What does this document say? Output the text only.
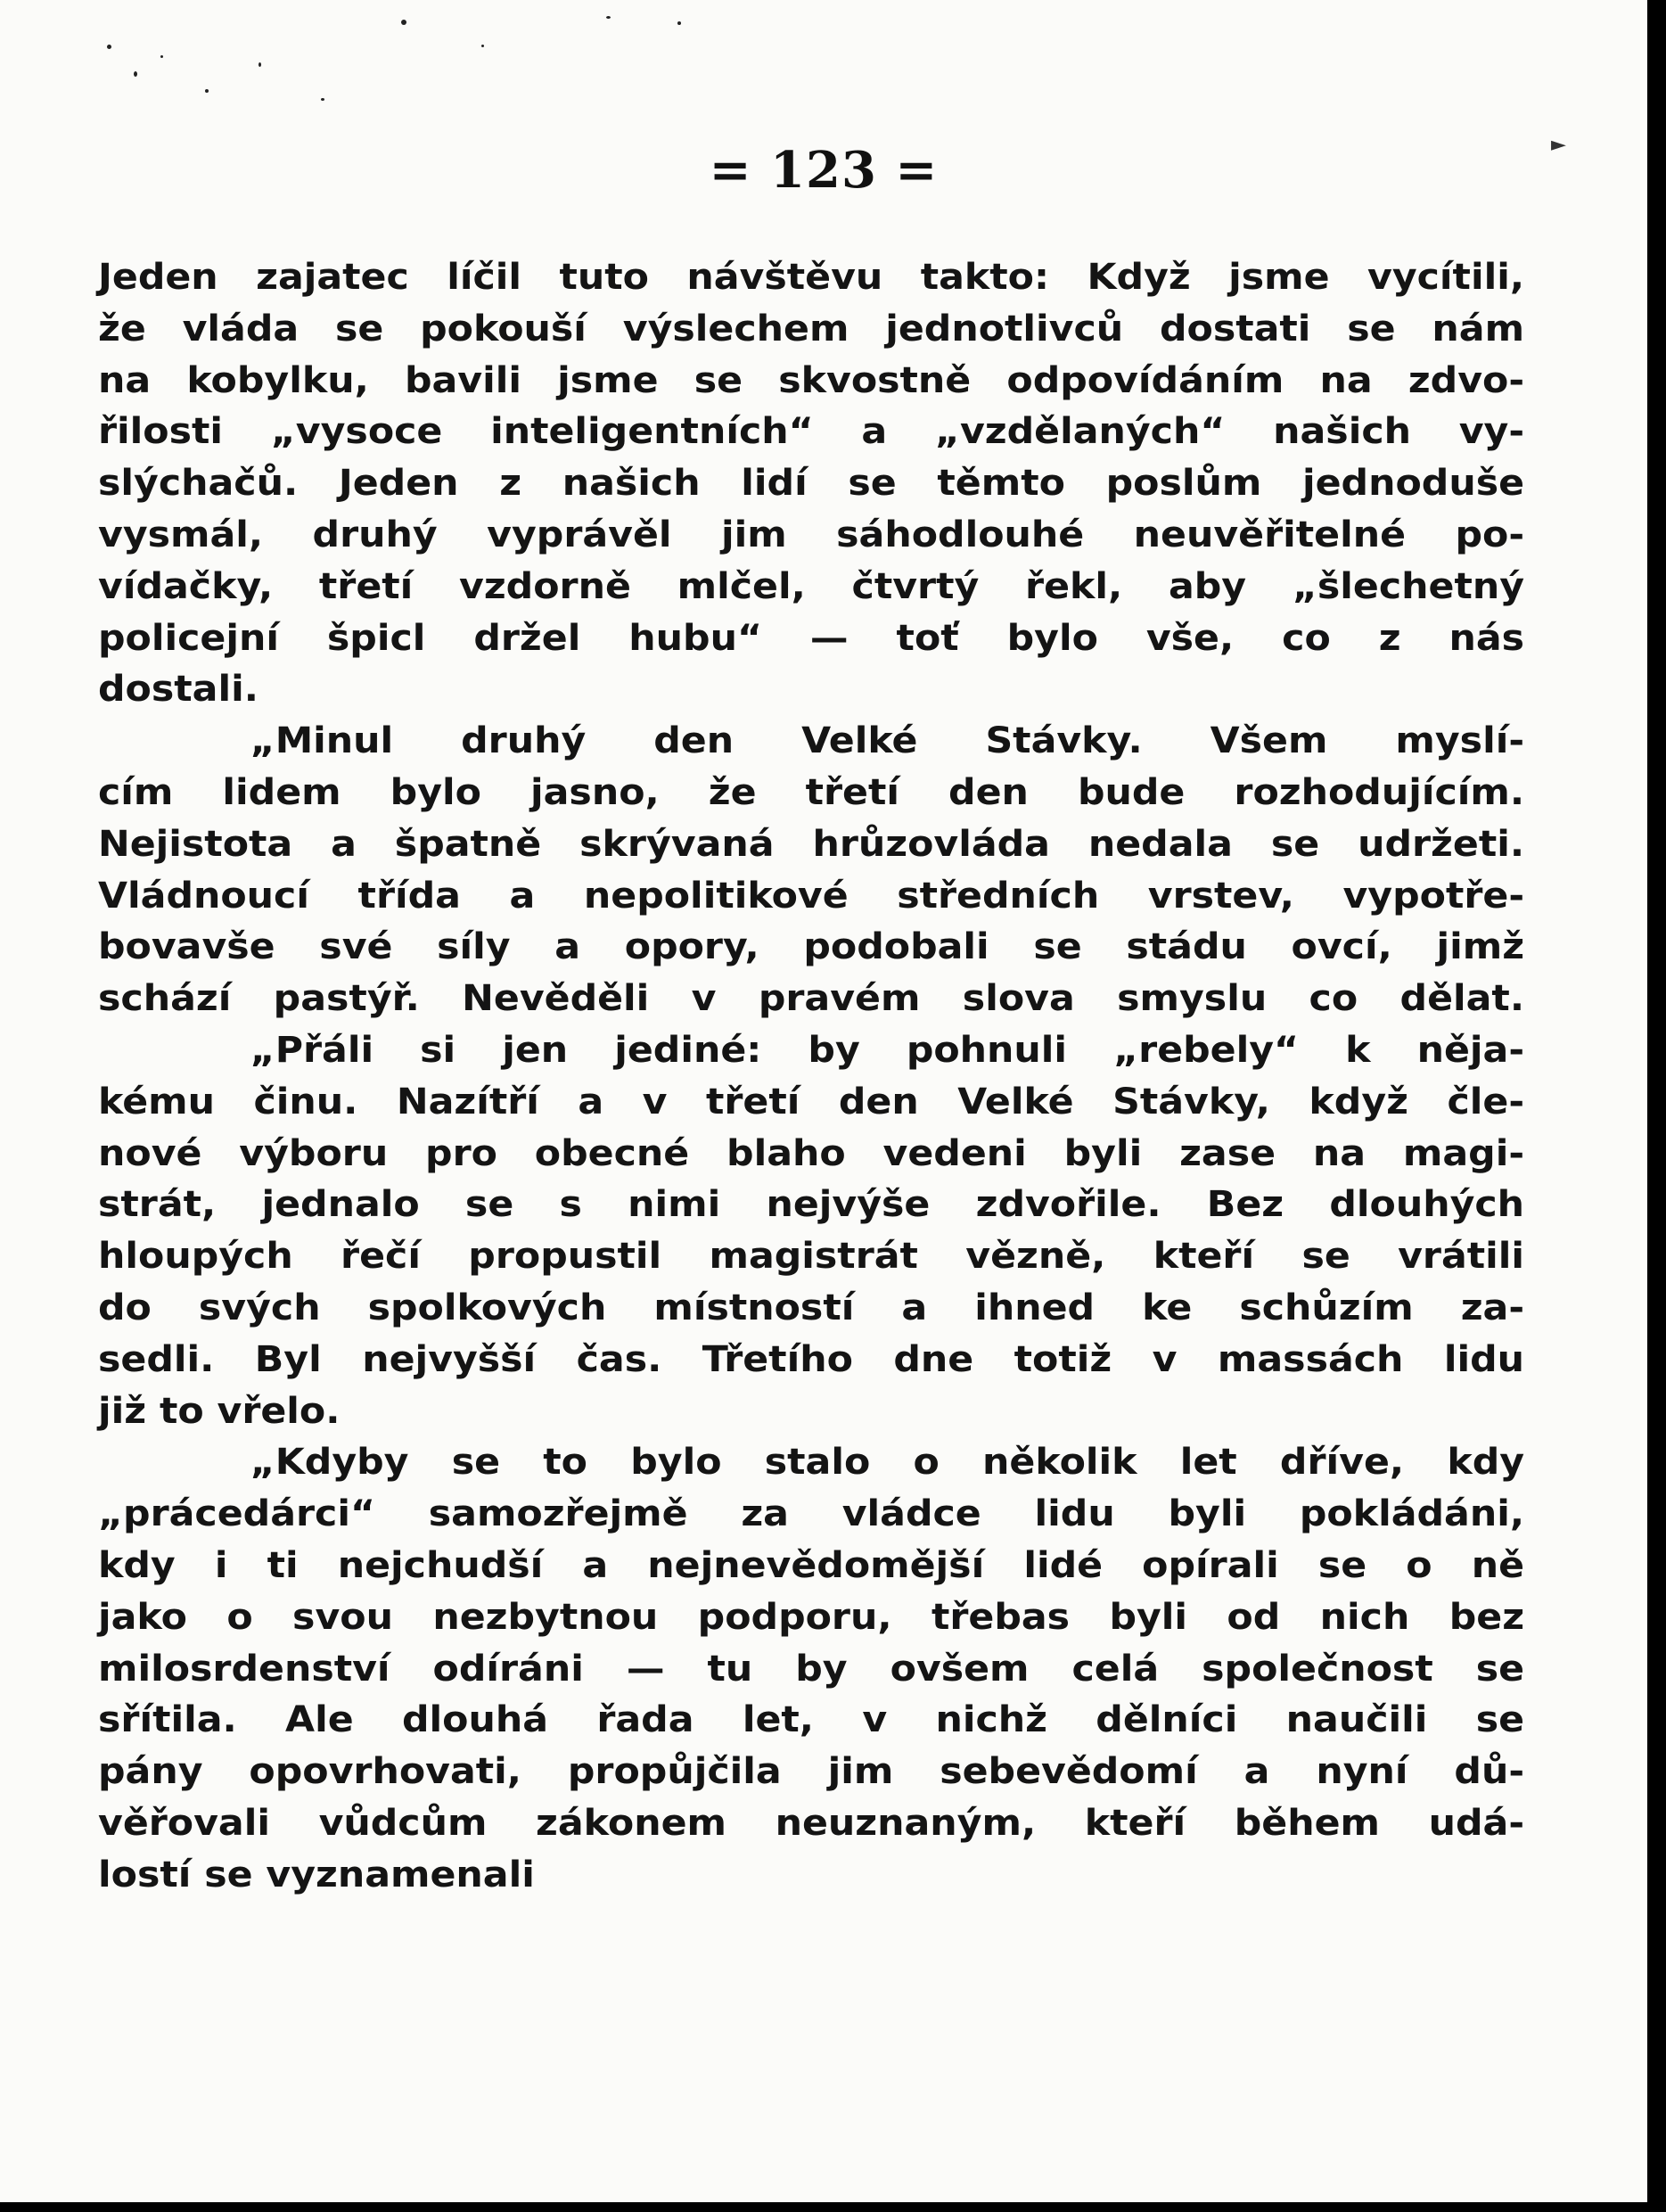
►
= 123 =
Jeden zajatec líčil tuto návštěvu takto: Když jsme vycítili,
že vláda se pokouší výslechem jednotlivců dostati se nám
na kobylku, bavili jsme se skvostně odpovídáním na zdvo-
řilosti „vysoce inteligentních“ a „vzdělaných“ našich vy-
slýchačů. Jeden z našich lidí se těmto poslům jednoduše
vysmál, druhý vyprávěl jim sáhodlouhé neuvěřitelné po-
vídačky, třetí vzdorně mlčel, čtvrtý řekl, aby „šlechetný
policejní špicl držel hubu“ — toť bylo vše, co z nás
dostali.
„Minul druhý den Velké Stávky. Všem myslí-
cím lidem bylo jasno, že třetí den bude rozhodujícím.
Nejistota a špatně skrývaná hrůzovláda nedala se udržeti.
Vládnoucí třída a nepolitikové středních vrstev, vypotře-
bovavše své síly a opory, podobali se stádu ovcí, jimž
schází pastýř. Nevěděli v pravém slova smyslu co dělat.
„Přáli si jen jediné: by pohnuli „rebely“ k něja-
kému činu. Nazítří a v třetí den Velké Stávky, když čle-
nové výboru pro obecné blaho vedeni byli zase na magi-
strát, jednalo se s nimi nejvýše zdvořile. Bez dlouhých
hloupých řečí propustil magistrát vězně, kteří se vrátili
do svých spolkových místností a ihned ke schůzím za-
sedli. Byl nejvyšší čas. Třetího dne totiž v massách lidu
již to vřelo.
„Kdyby se to bylo stalo o několik let dříve, kdy
„prácedárci“ samozřejmě za vládce lidu byli pokládáni,
kdy i ti nejchudší a nejnevědomější lidé opírali se o ně
jako o svou nezbytnou podporu, třebas byli od nich bez
milosrdenství odíráni — tu by ovšem celá společnost se
sřítila. Ale dlouhá řada let, v nichž dělníci naučili se
pány opovrhovati, propůjčila jim sebevědomí a nyní dů-
věřovali vůdcům zákonem neuznaným, kteří během udá-
lostí se vyznamenali
